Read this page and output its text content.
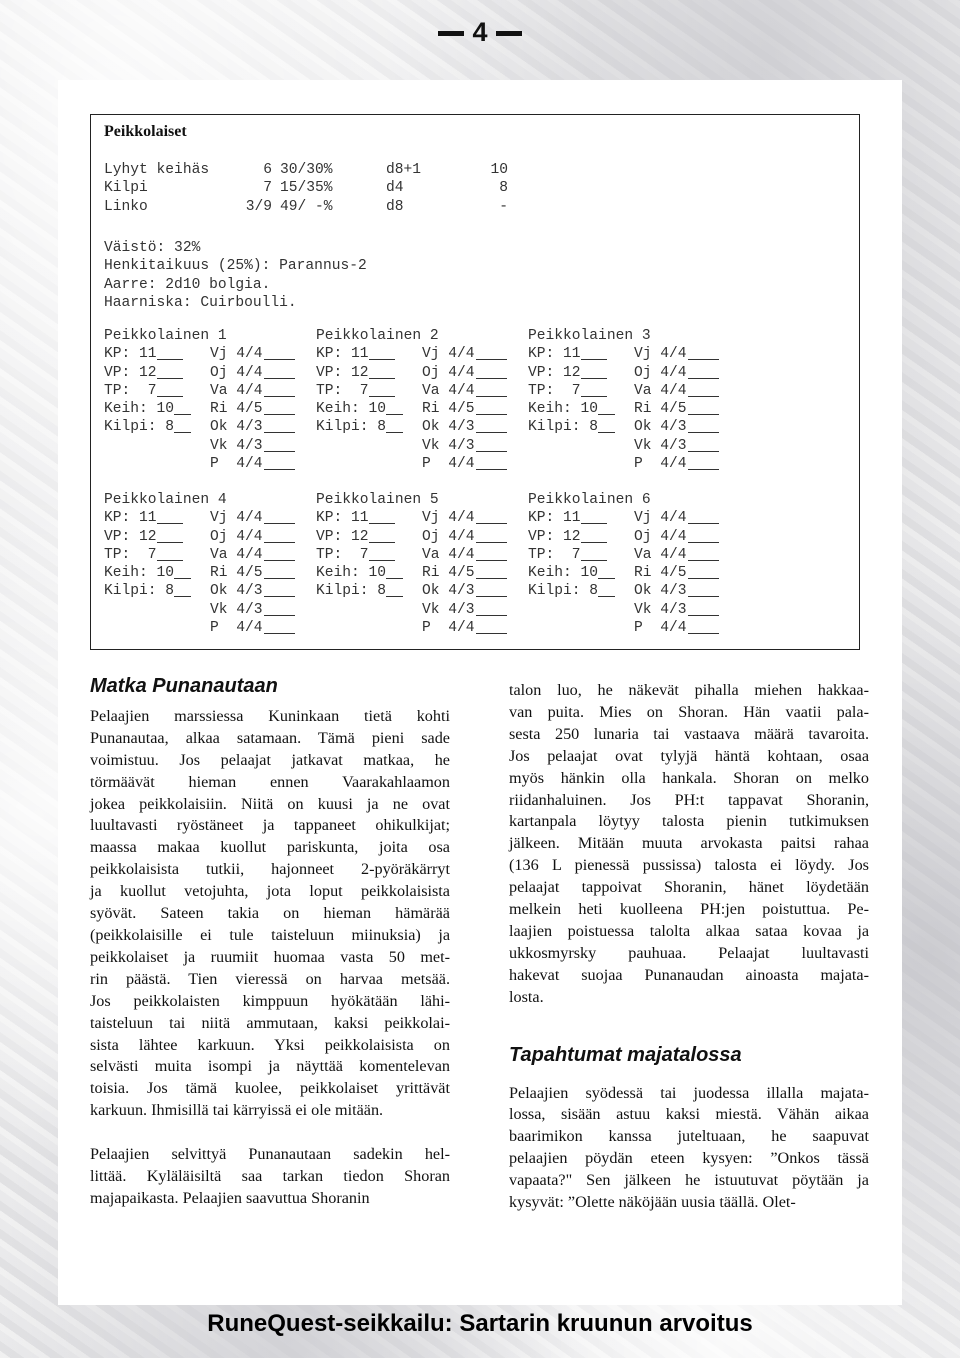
4
Peikkolaiset
Lyhyt keihäs	6 30/30%	d8+1	10
Kilpi	7 15/35%	d4	8
Linko	3/9 49/ -%	d8	-
Väistö: 32%
Henkitaikuus (25%): Parannus-2
Aarre: 2d10 bolgia.
Haarniska: Cuirboulli.
Peikkolainen 1
KP: 11	Vj 4/4
VP: 12	Oj 4/4
TP:  7	Va 4/4
Keih: 10 Ri 4/5
Kilpi: 8 Ok 4/3
Vk 4/3
P  4/4
Peikkolainen 2
KP: 11	Vj 4/4
VP: 12	Oj 4/4
TP:  7	Va 4/4
Keih: 10 Ri 4/5
Kilpi: 8 Ok 4/3
Vk 4/3
P  4/4
Peikkolainen 3
KP: 11	Vj 4/4
VP: 12	Oj 4/4
TP:  7	Va 4/4
Keih: 10 Ri 4/5
Kilpi: 8 Ok 4/3
Vk 4/3
P  4/4
Peikkolainen 4
KP: 11	Vj 4/4
VP: 12	Oj 4/4
TP:  7	Va 4/4
Keih: 10 Ri 4/5
Kilpi: 8 Ok 4/3
Vk 4/3
P  4/4
Peikkolainen 5
KP: 11	Vj 4/4
VP: 12	Oj 4/4
TP:  7	Va 4/4
Keih: 10 Ri 4/5
Kilpi: 8 Ok 4/3
Vk 4/3
P  4/4
Peikkolainen 6
KP: 11	Vj 4/4
VP: 12	Oj 4/4
TP:  7	Va 4/4
Keih: 10 Ri 4/5
Kilpi: 8 Ok 4/3
Vk 4/3
P  4/4
Matka Punanautaan
Pelaajien marssiessa Kuninkaan tietä kohti
Punanautaa, alkaa satamaan. Tämä pieni sade
voimistuu. Jos pelaajat jatkavat matkaa, he
törmäävät hieman ennen Vaarakahlaamon
jokea peikkolaisiin. Niitä on kuusi ja ne ovat
luultavasti ryöstäneet ja tappaneet ohikulkijat;
maassa makaa kuollut pariskunta, joita osa
peikkolaisista tutkii, hajonneet 2-pyöräkärryt
ja kuollut vetojuhta, jota loput peikkolaisista
syövät. Sateen takia on hieman hämärää
(peikkolaisille ei tule taisteluun miinuksia) ja
peikkolaiset ja ruumiit huomaa vasta 50 met-
rin päästä. Tien vieressä on harvaa metsää.
Jos peikkolaisten kimppuun hyökätään lähi-
taisteluun tai niitä ammutaan, kaksi peikkolai-
sista lähtee karkuun. Yksi peikkolaisista on
selvästi muita isompi ja näyttää komentelevan
toisia. Jos tämä kuolee, peikkolaiset yrittävät
karkuun. Ihmisillä tai kärryissä ei ole mitään.
Pelaajien selvittyä Punanautaan sadekin hel-
littää. Kyläläisiltä saa tarkan tiedon Shoran
majapaikasta. Pelaajien saavuttua Shoranin
talon luo, he näkevät pihalla miehen hakkaa-
van puita. Mies on Shoran. Hän vaatii pala-
sesta 250 lunaria tai vastaava määrä tavaroita.
Jos pelaajat ovat tylyjä häntä kohtaan, osaa
myös hänkin olla hankala. Shoran on melko
riidanhaluinen. Jos PH:t tappavat Shoranin,
kartanpala löytyy talosta pienin tutkimuksen
jälkeen. Mitään muuta arvokasta paitsi rahaa
(136 L pienessä pussissa) talosta ei löydy. Jos
pelaajat tappoivat Shoranin, hänet löydetään
melkein heti kuolleena PH:jen poistuttua. Pe-
laajien poistuessa talolta alkaa sataa kovaa ja
ukkosmyrsky pauhuaa. Pelaajat luultavasti
hakevat suojaa Punanaudan ainoasta majata-
losta.
Tapahtumat majatalossa
Pelaajien syödessä tai juodessa illalla majata-
lossa, sisään astuu kaksi miestä. Vähän aikaa
baarimikon kanssa juteltuaan, he saapuvat
pelaajien pöydän eteen kysyen: ”Onkos tässä
vapaata?" Sen jälkeen he istuutuvat pöytään ja
kysyvät: ”Olette näköjään uusia täällä. Olet-
RuneQuest-seikkailu: Sartarin kruunun arvoitus
